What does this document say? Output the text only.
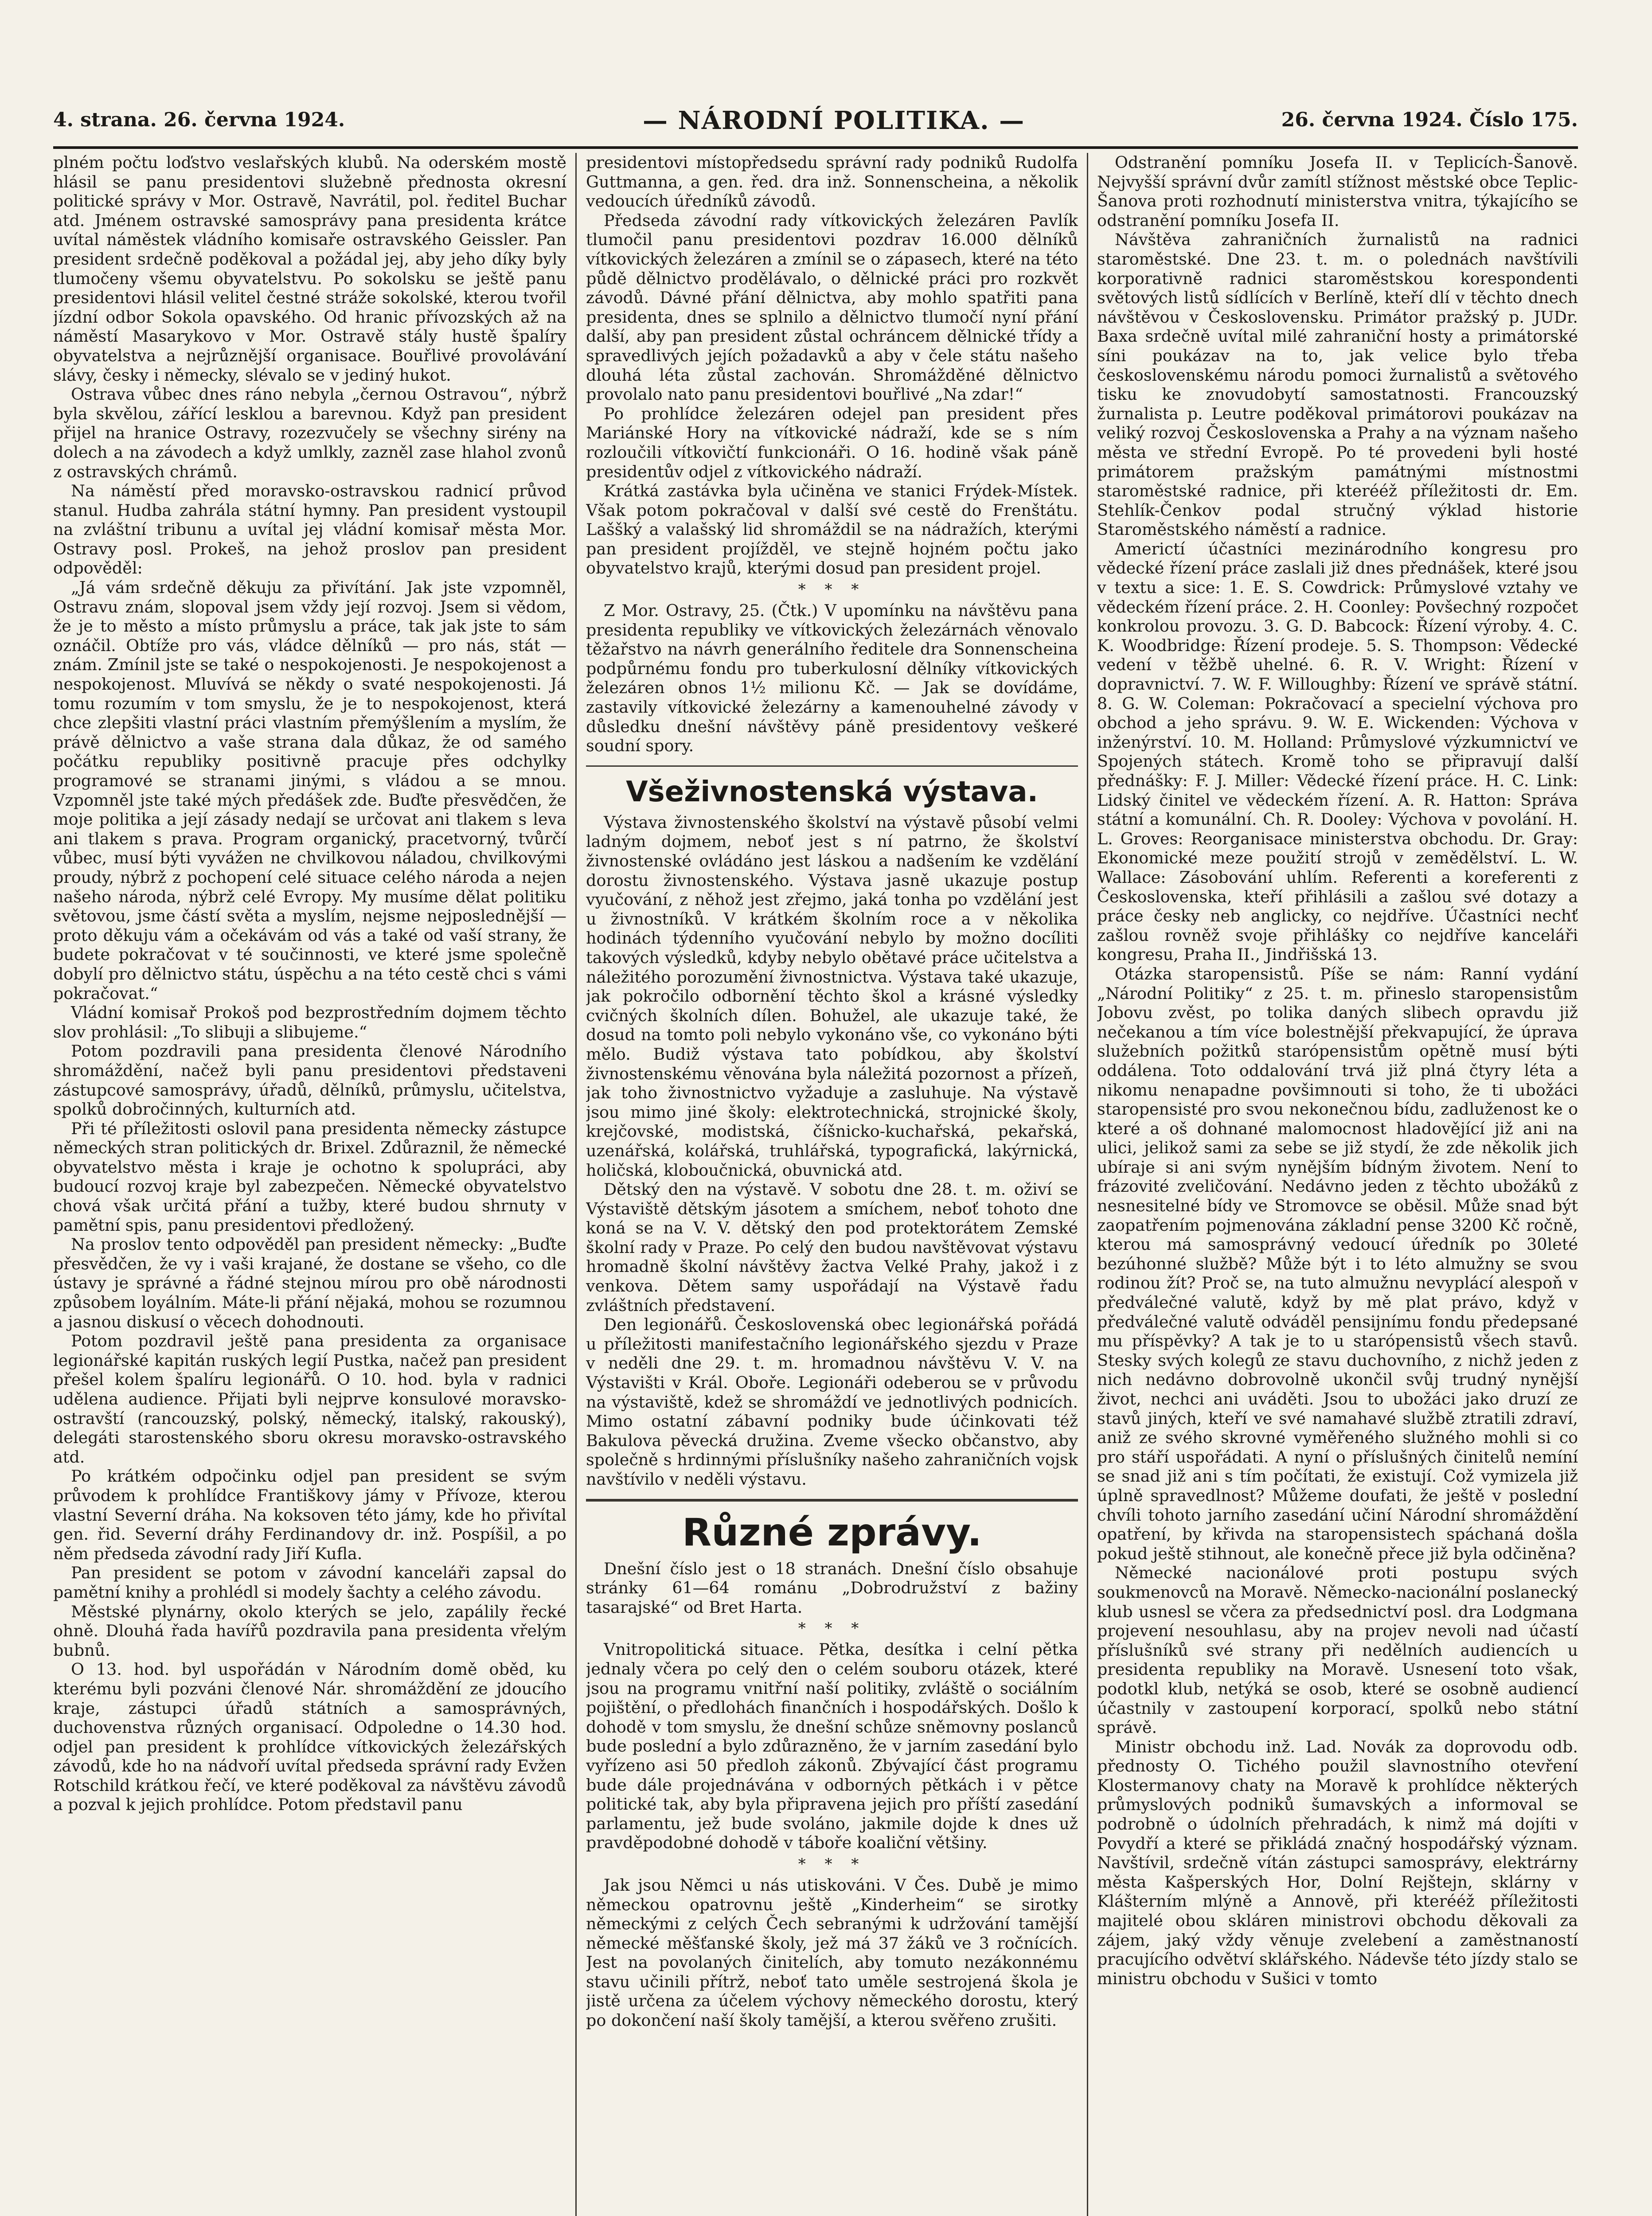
4. strana. 26. června 1924.	— NÁRODNÍ POLITIKA. —	26. června 1924. Číslo 175.

plném počtu loďstvo veslařských klubů. Na oderském mostě hlásil se panu presidentovi služebně přednosta okresní politické správy v Mor. Ostravě, Navrátil, pol. ředitel Buchar atd. Jménem ostravské samosprávy pana presidenta krátce uvítal náměstek vládního komisaře ostravského Geissler. Pan president srdečně poděkoval a požádal jej, aby jeho díky byly tlumočeny všemu obyvatelstvu. Po sokolsku se ještě panu presidentovi hlásil velitel čestné stráže sokolské, kterou tvořil jízdní odbor Sokola opavského. Od hranic přívozských až na náměstí Masarykovo v Mor. Ostravě stály hustě špalíry obyvatelstva a nejrůznější organisace. Bouřlivé provolávání slávy, česky i německy, slévalo se v jediný hukot.

Ostrava vůbec dnes ráno nebyla „černou Ostravou“, nýbrž byla skvělou, zářící lesklou a barevnou. Když pan president přijel na hranice Ostravy, rozezvučely se všechny sirény na dolech a na závodech a když umlkly, zazněl zase hlahol zvonů z ostravských chrámů.

Na náměstí před moravsko-ostravskou radnicí průvod stanul. Hudba zahrála státní hymny. Pan president vystoupil na zvláštní tribunu a uvítal jej vládní komisař města Mor. Ostravy posl. Prokeš, na jehož proslov pan president odpověděl:

„Já vám srdečně děkuju za přivítání. Jak jste vzpomněl, Ostravu znám, slopoval jsem vždy její rozvoj. Jsem si vědom, že je to město a místo průmyslu a práce, tak jak jste to sám oznáčil. Obtíže pro vás, vládce dělníků — pro nás, stát — znám. Zmínil jste se také o nespokojenosti. Je nespokojenost a nespokojenost. Mluvívá se někdy o svaté nespokojenosti. Já tomu rozumím v tom smyslu, že je to nespokojenost, která chce zlepšiti vlastní práci vlastním přemýšlením a myslím, že právě dělnictvo a vaše strana dala důkaz, že od samého počátku republiky positivně pracuje přes odchylky programové se stranami jinými, s vládou a se mnou. Vzpomněl jste také mých předášek zde. Buďte přesvědčen, že moje politika a její zásady nedají se určovat ani tlakem s leva ani tlakem s prava. Program organický, pracetvorný, tvůrčí vůbec, musí býti vyvážen ne chvilkovou náladou, chvilkovými proudy, nýbrž z pochopení celé situace celého národa a nejen našeho národa, nýbrž celé Evropy. My musíme dělat politiku světovou, jsme částí světa a myslím, nejsme nejposlednější — proto děkuju vám a očekávám od vás a také od vaší strany, že budete pokračovat v té součinnosti, ve které jsme společně dobylí pro dělnictvo státu, úspěchu a na této cestě chci s vámi pokračovat.“

Vládní komisař Prokoš pod bezprostředním dojmem těchto slov prohlásil: „To slibuji a slibujeme.“

Potom pozdravili pana presidenta členové Národního shromáždění, načež byli panu presidentovi představeni zástupcové samosprávy, úřadů, dělníků, průmyslu, učitelstva, spolků dobročinných, kulturních atd.

Při té příležitosti oslovil pana presidenta německy zástupce německých stran politických dr. Brixel. Zdůraznil, že německé obyvatelstvo města i kraje je ochotno k spolupráci, aby budoucí rozvoj kraje byl zabezpečen. Německé obyvatelstvo chová však určitá přání a tužby, které budou shrnuty v pamětní spis, panu presidentovi předložený.

Na proslov tento odpověděl pan president německy: „Buďte přesvědčen, že vy i vaši krajané, že dostane se všeho, co dle ústavy je správné a řádné stejnou mírou pro obě národnosti způsobem loyálním. Máte-li přání nějaká, mohou se rozumnou a jasnou diskusí o věcech dohodnouti.

Potom pozdravil ještě pana presidenta za organisace legionářské kapitán ruských legií Pustka, načež pan president přešel kolem špalíru legionářů. O 10. hod. byla v radnici udělena audience. Přijati byli nejprve konsulové moravsko-ostravští (rancouzský, polský, německý, italský, rakouský), delegáti starostenského sboru okresu moravsko-ostravského atd.

Po krátkém odpočinku odjel pan president se svým průvodem k prohlídce Františkovy jámy v Přívoze, kterou vlastní Severní dráha. Na koksoven této jámy, kde ho přivítal gen. řid. Severní dráhy Ferdinandovy dr. inž. Pospíšil, a po něm předseda závodní rady Jiří Kufla.

Pan president se potom v závodní kanceláři zapsal do pamětní knihy a prohlédl si modely šachty a celého závodu.

Městské plynárny, okolo kterých se jelo, zapálily řecké ohně. Dlouhá řada havířů pozdravila pana presidenta vřelým bubnů.

O 13. hod. byl uspořádán v Národním domě oběd, ku kterému byli pozváni členové Nár. shromáždění ze jdoucího kraje, zástupci úřadů státních a samosprávných, duchovenstva různých organisací. Odpoledne o 14.30 hod. odjel pan president k prohlídce vítkovických železářských závodů, kde ho na nádvoří uvítal předseda správní rady Evžen Rotschild krátkou řečí, ve které poděkoval za návštěvu závodů a pozval k jejich prohlídce. Potom představil panu

presidentovi místopředsedu správní rady podniků Rudolfa Guttmanna, a gen. řed. dra inž. Sonnenscheina, a několik vedoucích úředníků závodů.

Předseda závodní rady vítkovických železáren Pavlík tlumočil panu presidentovi pozdrav 16.000 dělníků vítkovických železáren a zmínil se o zápasech, které na této půdě dělnictvo prodělávalo, o dělnické práci pro rozkvět závodů. Dávné přání dělnictva, aby mohlo spatřiti pana presidenta, dnes se splnilo a dělnictvo tlumočí nyní přání další, aby pan president zůstal ochráncem dělnické třídy a spravedlivých jejích požadavků a aby v čele státu našeho dlouhá léta zůstal zachován. Shromážděné dělnictvo provolalo nato panu presidentovi bouřlivé „Na zdar!“

Po prohlídce železáren odejel pan president přes Mariánské Hory na vítkovické nádraží, kde se s ním rozloučili vítkovičtí funkcionáři. O 16. hodině však páně presidentův odjel z vítkovického nádraží.

Krátká zastávka byla učiněna ve stanici Frýdek-Místek. Však potom pokračoval v další své cestě do Frenštátu. Laššký a valašský lid shromáždil se na nádražích, kterými pan president projížděl, ve stejně hojném počtu jako obyvatelstvo krajů, kterými dosud pan president projel.

* * *

Z Mor. Ostravy, 25. (Čtk.) V upomínku na návštěvu pana presidenta republiky ve vítkovických železárnách věnovalo těžařstvo na návrh generálního ředitele dra Sonnenscheina podpůrnému fondu pro tuberkulosní dělníky vítkovických železáren obnos 1½ milionu Kč. — Jak se dovídáme, zastavily vítkovické železárny a kamenouhelné závody v důsledku dnešní návštěvy páně presidentovy veškeré soudní spory.

Všeživnostenská výstava.

Výstava živnostenského školství na výstavě působí velmi ladným dojmem, neboť jest s ní patrno, že školství živnostenské ovládáno jest láskou a nadšením ke vzdělání dorostu živnostenského. Výstava jasně ukazuje postup vyučování, z něhož jest zřejmo, jaká tonha po vzdělání jest u živnostníků. V krátkém školním roce a v několika hodinách týdenního vyučování nebylo by možno docíliti takových výsledků, kdyby nebylo obětavé práce učitelstva a náležitého porozumění živnostnictva. Výstava také ukazuje, jak pokročilo odbornění těchto škol a krásné výsledky cvičných školních dílen. Bohužel, ale ukazuje také, že dosud na tomto poli nebylo vykonáno vše, co vykonáno býti mělo. Budiž výstava tato pobídkou, aby školství živnostenskému věnována byla náležitá pozornost a přízeň, jak toho živnostnictvo vyžaduje a zasluhuje. Na výstavě jsou mimo jiné školy: elektrotechnická, strojnické školy, krejčovské, modistská, číšnicko-kuchařská, pekařská, uzenářská, kolářská, truhlářská, typografická, lakýrnická, holičská, kloboučnická, obuvnická atd.

Dětský den na výstavě. V sobotu dne 28. t. m. oživí se Výstaviště dětským jásotem a smíchem, neboť tohoto dne koná se na V. V. dětský den pod protektorátem Zemské školní rady v Praze. Po celý den budou navštěvovat výstavu hromadně školní návštěvy žactva Velké Prahy, jakož i z venkova. Dětem samy uspořádají na Výstavě řadu zvláštních představení.

Den legionářů. Československá obec legionářská pořádá u příležitosti manifestačního legionářského sjezdu v Praze v neděli dne 29. t. m. hromadnou návštěvu V. V. na Výstavišti v Král. Oboře. Legionáři odeberou se v průvodu na výstaviště, kdež se shromáždí ve jednotlivých podnicích. Mimo ostatní zábavní podniky bude účinkovati též Bakulova pěvecká družina. Zveme všecko občanstvo, aby společně s hrdinnými příslušníky našeho zahraničních vojsk navštívilo v neděli výstavu.

Různé zprávy.

Dnešní číslo jest o 18 stranách. Dnešní číslo obsahuje stránky 61—64 románu „Dobrodružství z bažiny tasarajské“ od Bret Harta.

* * *

Vnitropolitická situace. Pětka, desítka i celní pětka jednaly včera po celý den o celém souboru otázek, které jsou na programu vnitřní naší politiky, zvláště o sociálním pojištění, o předlohách finančních i hospodářských. Došlo k dohodě v tom smyslu, že dnešní schůze sněmovny poslanců bude poslední a bylo zdůrazněno, že v jarním zasedání bylo vyřízeno asi 50 předloh zákonů. Zbývající část programu bude dále projednávána v odborných pětkách i v pětce politické tak, aby byla připravena jejich pro příští zasedání parlamentu, jež bude svoláno, jakmile dojde k dnes už pravděpodobné dohodě v táboře koaliční většiny.

* * *

Jak jsou Němci u nás utiskováni. V Čes. Dubě je mimo německou opatrovnu ještě „Kinderheim“ se sirotky německými z celých Čech sebranými k udržování tamější německé měšťanské školy, jež má 37 žáků ve 3 ročnících. Jest na povolaných činitelích, aby tomuto nezákonnému stavu učinili přítrž, neboť tato uměle sestrojená škola je jistě určena za účelem výchovy německého dorostu, který po dokončení naší školy tamější, a kterou svěřeno zrušiti.

Odstranění pomníku Josefa II. v Teplicích-Šanově. Nejvyšší správní dvůr zamítl stížnost městské obce Teplic-Šanova proti rozhodnutí ministerstva vnitra, týkajícího se odstranění pomníku Josefa II.

Návštěva zahraničních žurnalistů na radnici staroměstské. Dne 23. t. m. o polednách navštívili korporativně radnici staroměstskou korespondenti světových listů sídlících v Berlíně, kteří dlí v těchto dnech návštěvou v Československu. Primátor pražský p. JUDr. Baxa srdečně uvítal milé zahraniční hosty a primátorské síni poukázav na to, jak velice bylo třeba československému národu pomoci žurnalistů a světového tisku ke znovudobytí samostatnosti. Francouzský žurnalista p. Leutre poděkoval primátorovi poukázav na veliký rozvoj Československa a Prahy a na význam našeho města ve střední Evropě. Po té provedeni byli hosté primátorem pražským památnými místnostmi staroměstské radnice, při kterééž příležitosti dr. Em. Stehlík-Čenkov podal stručný výklad historie Staroměstského náměstí a radnice.

Americtí účastníci mezinárodního kongresu pro vědecké řízení práce zaslali již dnes přednášek, které jsou v textu a sice: 1. E. S. Cowdrick: Průmyslové vztahy ve vědeckém řízení práce. 2. H. Coonley: Povšechný rozpočet konkrolou provozu. 3. G. D. Babcock: Řízení výroby. 4. C. K. Woodbridge: Řízení prodeje. 5. S. Thompson: Vědecké vedení v těžbě uhelné. 6. R. V. Wright: Řízení v dopravnictví. 7. W. F. Willoughby: Řízení ve správě státní. 8. G. W. Coleman: Pokračovací a specielní výchova pro obchod a jeho správu. 9. W. E. Wickenden: Výchova v inženýrství. 10. M. Holland: Průmyslové výzkumnictví ve Spojených státech. Kromě toho se připravují další přednášky: F. J. Miller: Vědecké řízení práce. H. C. Link: Lidský činitel ve vědeckém řízení. A. R. Hatton: Správa státní a komunální. Ch. R. Dooley: Výchova v povolání. H. L. Groves: Reorganisace ministerstva obchodu. Dr. Gray: Ekonomické meze použití strojů v zemědělství. L. W. Wallace: Zásobování uhlím. Referenti a koreferenti z Československa, kteří přihlásili a zašlou své dotazy a práce česky neb anglicky, co nejdříve. Účastníci nechť zašlou rovněž svoje přihlášky co nejdříve kanceláři kongresu, Praha II., Jindřišská 13.

Otázka staropensistů. Píše se nám: Ranní vydání „Národní Politiky“ z 25. t. m. přineslo staropensistům Jobovu zvěst, po tolika daných slibech opravdu již nečekanou a tím více bolestnější překvapující, že úprava služebních požitků starópensistům opětně musí býti oddálena. Toto oddalování trvá již plná čtyry léta a nikomu nenapadne povšimnouti si toho, že ti ubožáci staropensisté pro svou nekonečnou bídu, zadluženost ke o které a oš dohnané malomocnost hladovějící již ani na ulici, jelikož sami za sebe se již stydí, že zde několik jich ubíraje si ani svým nynějším bídným životem. Není to frázovité zveličování. Nedávno jeden z těchto ubožáků z nesnesitelné bídy ve Stromovce se oběsil. Může snad být zaopatřením pojmenována základní pense 3200 Kč ročně, kterou má samosprávný vedoucí úředník po 30leté bezúhonné službě? Může být i to léto almužny se svou rodinou žít? Proč se, na tuto almužnu nevyplácí alespoň v předválečné valutě, když by mě plat právo, když v předválečné valutě odváděl pensijnímu fondu předepsané mu příspěvky? A tak je to u starópensistů všech stavů. Stesky svých kolegů ze stavu duchovního, z nichž jeden z nich nedávno dobrovolně ukončil svůj trudný nynější život, nechci ani uváděti. Jsou to ubožáci jako druzí ze stavů jiných, kteří ve své namahavé službě ztratili zdraví, aniž ze svého skrovné vyměřeného služného mohli si co pro stáří uspořádati. A nyní o příslušných činitelů nemíní se snad již ani s tím počítati, že existují. Což vymizela již úplně spravedlnost? Můžeme doufati, že ještě v poslední chvíli tohoto jarního zasedání učiní Národní shromáždění opatření, by křivda na staropensistech spáchaná došla pokud ještě stihnout, ale konečně přece již byla odčiněna?

Německé nacionálové proti postupu svých soukmenovců na Moravě. Německo-nacionální poslanecký klub usnesl se včera za předsednictví posl. dra Lodgmana projevení nesouhlasu, aby na projev nevoli nad účastí příslušníků své strany při nedělních audiencích u presidenta republiky na Moravě. Usnesení toto však, podotkl klub, netýká se osob, které se osobně audiencí účastnily v zastoupení korporací, spolků nebo státní správě.

Ministr obchodu inž. Lad. Novák za doprovodu odb. přednosty O. Tichého použil slavnostního otevření Klostermanovy chaty na Moravě k prohlídce některých průmyslových podniků šumavských a informoval se podrobně o údolních přehradách, k nimž má dojíti v Povydří a které se přikládá značný hospodářský význam. Navštívil, srdečně vítán zástupci samosprávy, elektrárny města Kašperských Hor, Dolní Rejštejn, sklárny v Klášterním mlýně a Annově, při kterééž příležitosti majitelé obou skláren ministrovi obchodu děkovali za zájem, jaký vždy věnuje zvelebení a zaměstnaností pracujícího odvětví sklářského. Nádevše této jízdy stalo se ministru obchodu v Sušici v tomto
